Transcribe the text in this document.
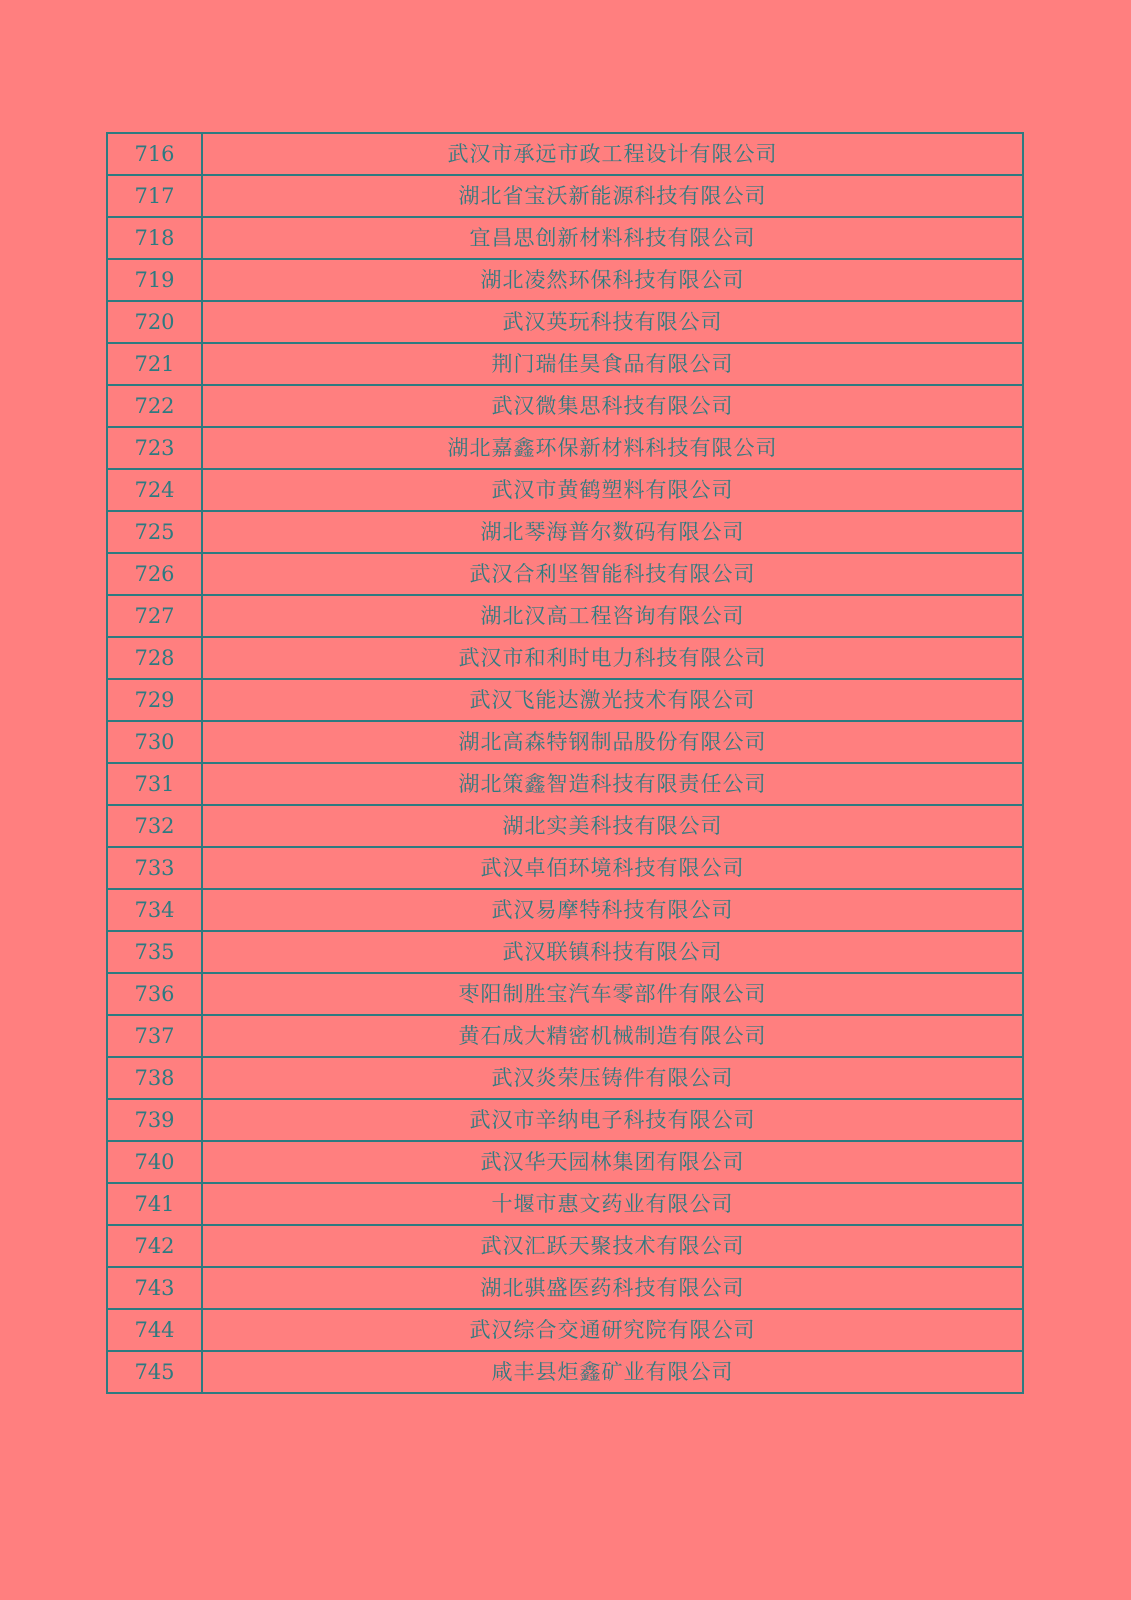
716	武汉市承远市政工程设计有限公司
717	湖北省宝沃新能源科技有限公司
718	宜昌思创新材料科技有限公司
719	湖北凌然环保科技有限公司
720	武汉英玩科技有限公司
721	荆门瑞佳昊食品有限公司
722	武汉微集思科技有限公司
723	湖北嘉鑫环保新材料科技有限公司
724	武汉市黄鹤塑料有限公司
725	湖北琴海普尔数码有限公司
726	武汉合利坚智能科技有限公司
727	湖北汉高工程咨询有限公司
728	武汉市和利时电力科技有限公司
729	武汉飞能达激光技术有限公司
730	湖北高森特钢制品股份有限公司
731	湖北策鑫智造科技有限责任公司
732	湖北实美科技有限公司
733	武汉卓佰环境科技有限公司
734	武汉易摩特科技有限公司
735	武汉联镇科技有限公司
736	枣阳制胜宝汽车零部件有限公司
737	黄石成大精密机械制造有限公司
738	武汉炎荣压铸件有限公司
739	武汉市辛纳电子科技有限公司
740	武汉华天园林集团有限公司
741	十堰市惠文药业有限公司
742	武汉汇跃天聚技术有限公司
743	湖北骐盛医药科技有限公司
744	武汉综合交通研究院有限公司
745	咸丰县炬鑫矿业有限公司
